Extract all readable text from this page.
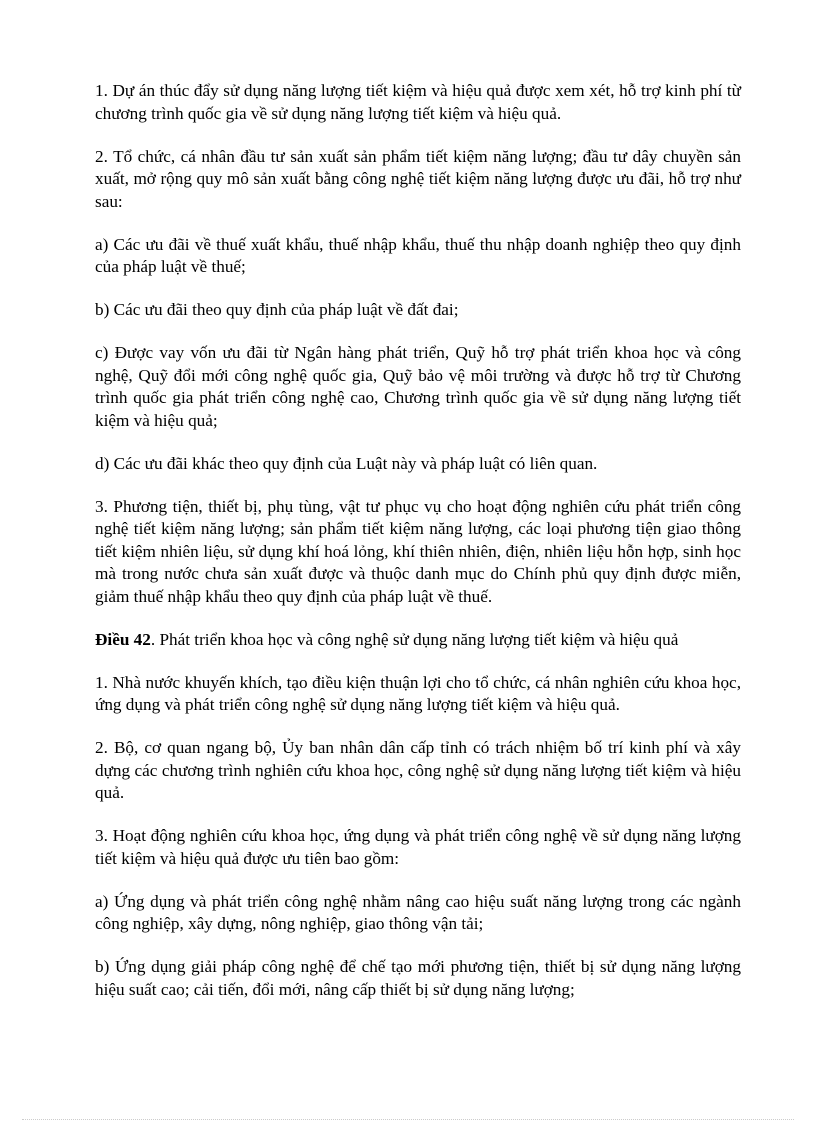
1. Dự án thúc đẩy sử dụng năng lượng tiết kiệm và hiệu quả được xem xét, hỗ trợ kinh phí từ chương trình quốc gia về sử dụng năng lượng tiết kiệm và hiệu quả.

2. Tổ chức, cá nhân đầu tư sản xuất sản phẩm tiết kiệm năng lượng; đầu tư dây chuyền sản xuất, mở rộng quy mô sản xuất bằng công nghệ tiết kiệm năng lượng được ưu đãi, hỗ trợ như sau:

a) Các ưu đãi về thuế xuất khẩu, thuế nhập khẩu, thuế thu nhập doanh nghiệp theo quy định của pháp luật về thuế;

b) Các ưu đãi theo quy định của pháp luật về đất đai;

c) Được vay vốn ưu đãi từ Ngân hàng phát triển, Quỹ hỗ trợ phát triển khoa học và công nghệ, Quỹ đổi mới công nghệ quốc gia, Quỹ bảo vệ môi trường và được hỗ trợ từ Chương trình quốc gia phát triển công nghệ cao, Chương trình quốc gia về sử dụng năng lượng tiết kiệm và hiệu quả;

d) Các ưu đãi khác theo quy định của Luật này và pháp luật có liên quan.

3. Phương tiện, thiết bị, phụ tùng, vật tư phục vụ cho hoạt động nghiên cứu phát triển công nghệ tiết kiệm năng lượng; sản phẩm tiết kiệm năng lượng, các loại phương tiện giao thông tiết kiệm nhiên liệu, sử dụng khí hoá lỏng, khí thiên nhiên, điện, nhiên liệu hỗn hợp, sinh học mà trong nước chưa sản xuất được và thuộc danh mục do Chính phủ quy định được miễn, giảm thuế nhập khẩu theo quy định của pháp luật về thuế.

Điều 42. Phát triển khoa học và công nghệ sử dụng năng lượng tiết kiệm và hiệu quả

1. Nhà nước khuyến khích, tạo điều kiện thuận lợi cho tổ chức, cá nhân nghiên cứu khoa học, ứng dụng và phát triển công nghệ sử dụng năng lượng tiết kiệm và hiệu quả.

2. Bộ, cơ quan ngang bộ, Ủy ban nhân dân cấp tỉnh có trách nhiệm bố trí kinh phí và xây dựng các chương trình nghiên cứu khoa học, công nghệ sử dụng năng lượng tiết kiệm và hiệu quả.

3. Hoạt động nghiên cứu khoa học, ứng dụng và phát triển công nghệ về sử dụng năng lượng tiết kiệm và hiệu quả được ưu tiên bao gồm:

a) Ứng dụng và phát triển công nghệ nhằm nâng cao hiệu suất năng lượng trong các ngành công nghiệp, xây dựng, nông nghiệp, giao thông vận tải;

b) Ứng dụng giải pháp công nghệ để chế tạo mới phương tiện, thiết bị sử dụng năng lượng hiệu suất cao; cải tiến, đổi mới, nâng cấp thiết bị sử dụng năng lượng;
